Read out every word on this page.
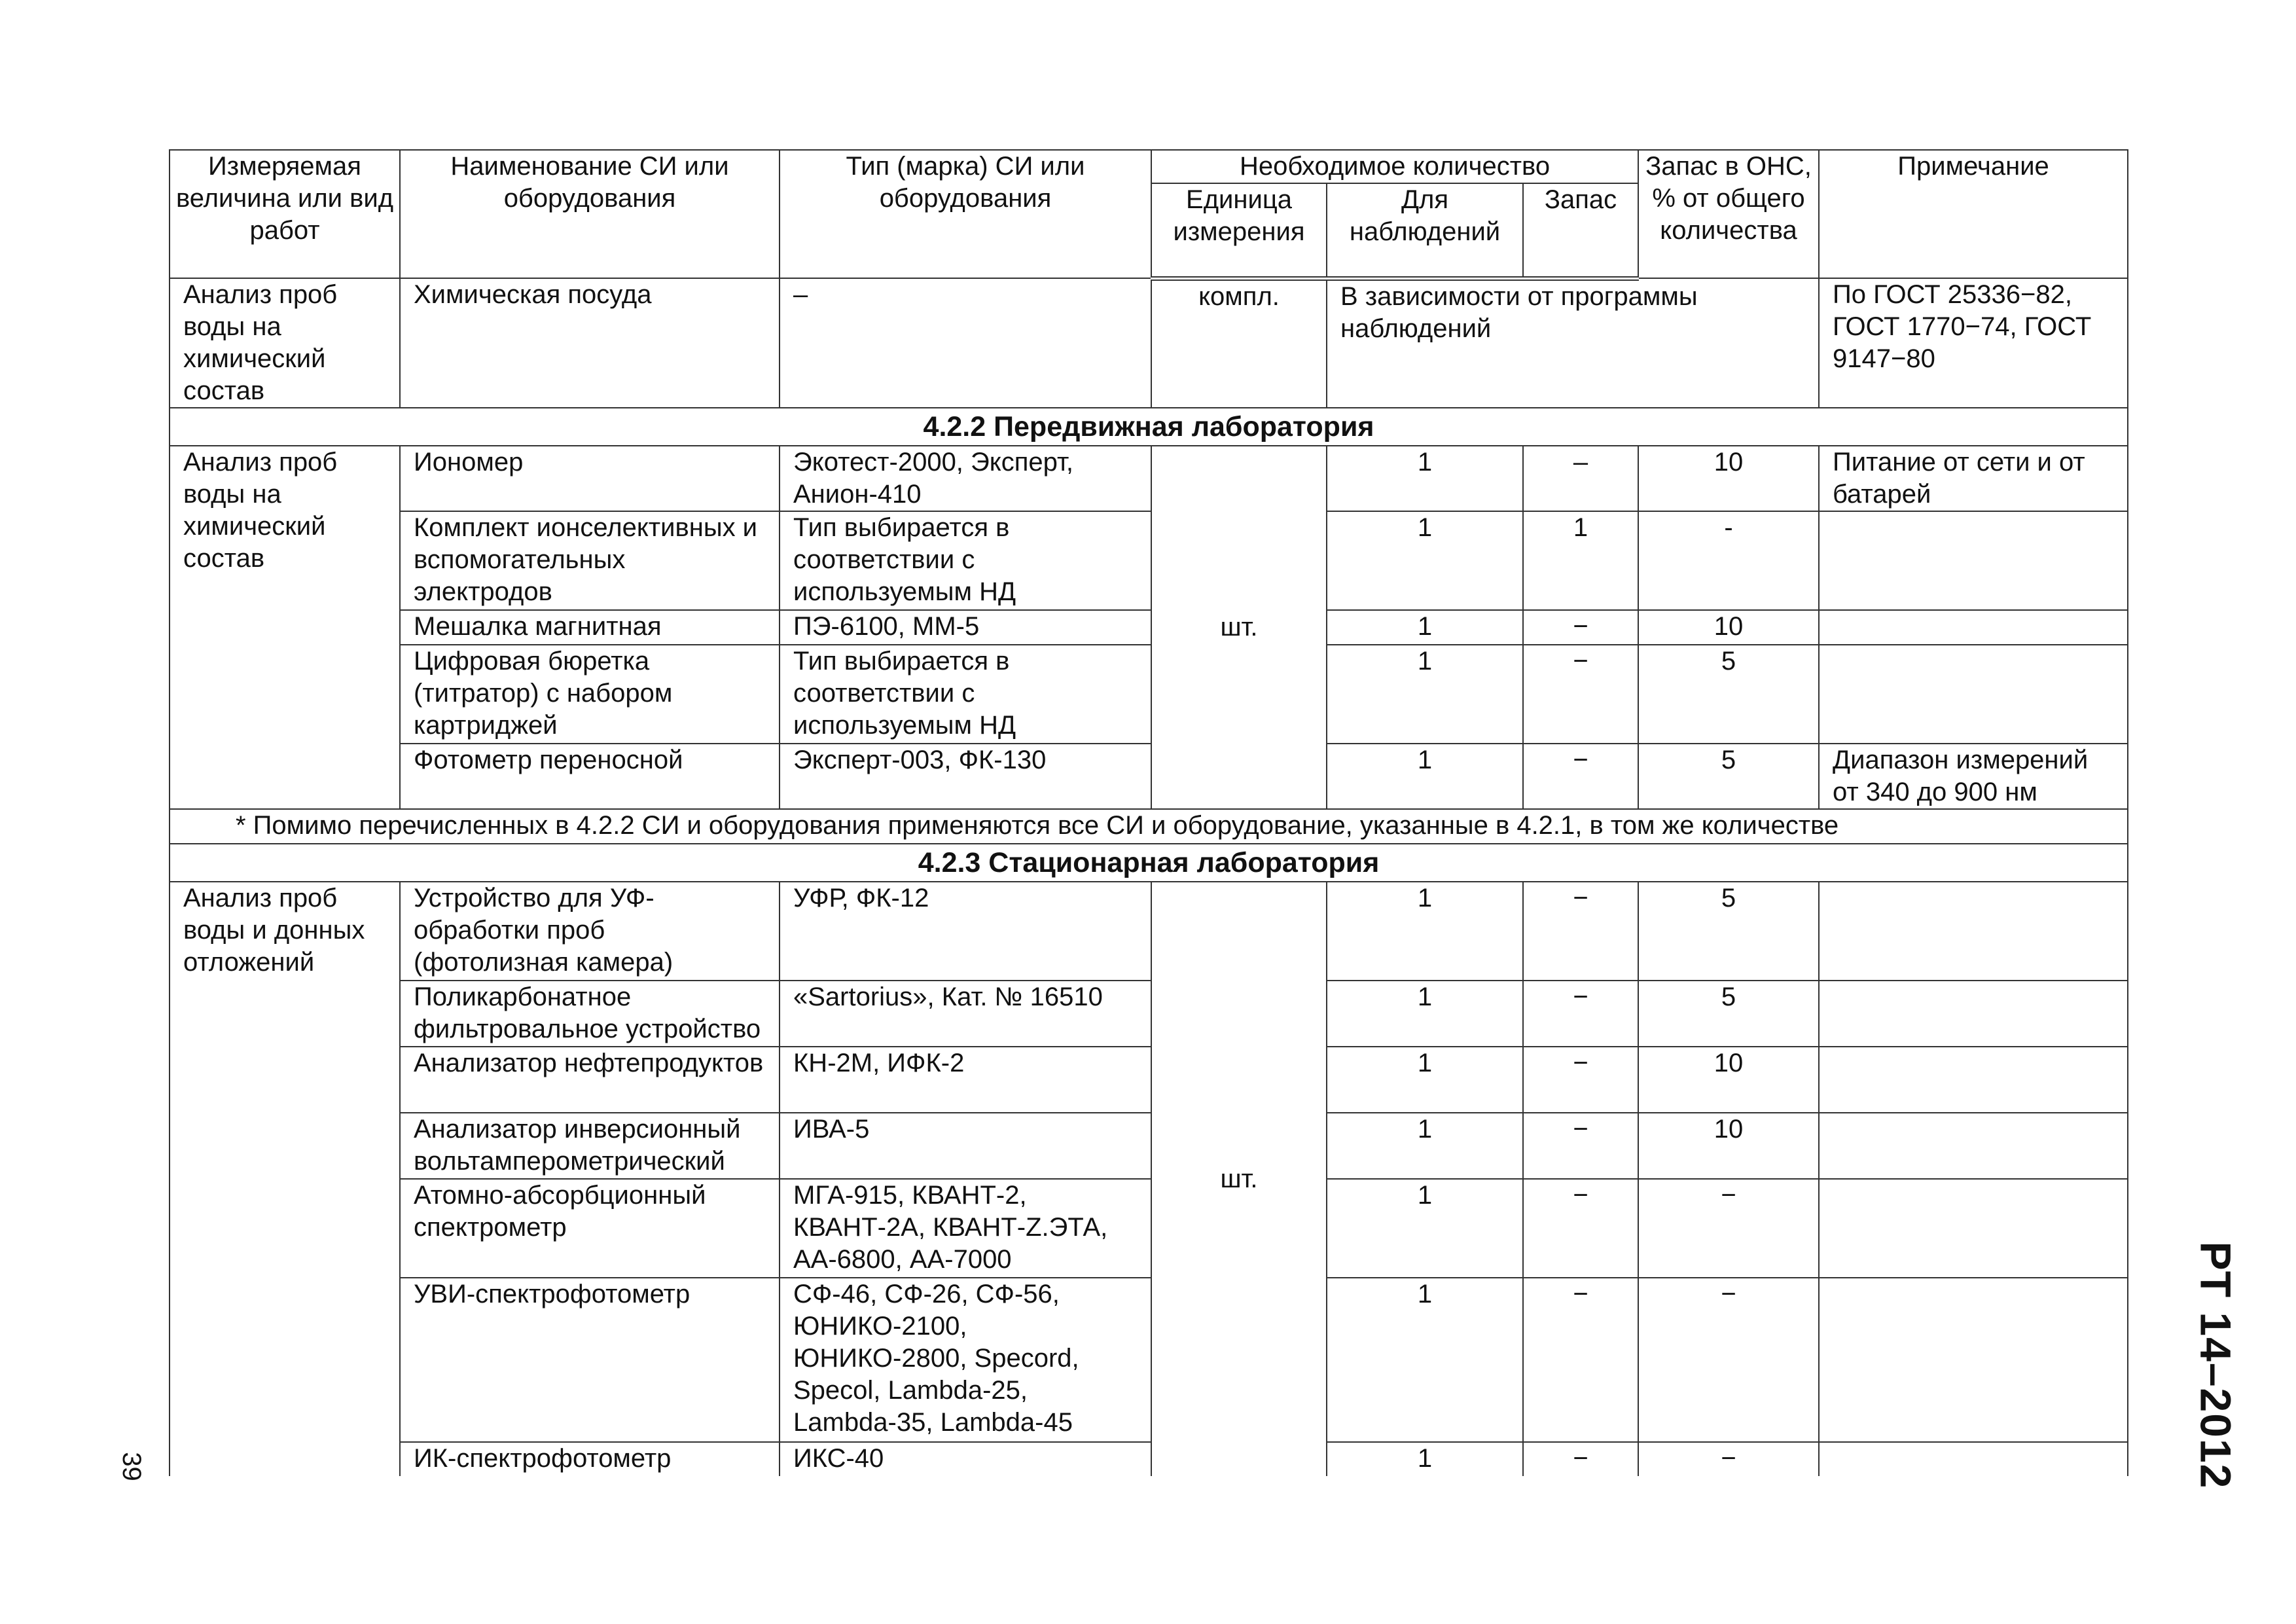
Измеряемая величина или вид работ	Наименование СИ или оборудования	Тип (марка) СИ или оборудования	Необходимое количество			Запас в ОНС, % от общего количества	Примечание
			Единица измерения	Для наблюдений	Запас		
Анализ проб воды на химический состав	Химическая посуда	–	компл.	В зависимости от программы наблюдений			По ГОСТ 25336−82, ГОСТ 1770−74, ГОСТ 9147−80
4.2.2 Передвижная лаборатория							
Анализ проб воды на химический состав	Иономер	Экотест-2000, Эксперт, Анион-410	шт.	1	–	10	Питание от сети и от батарей
	Комплект ионселективных и вспомогательных электродов	Тип выбирается в соответствии с используемым НД		1	1	-	
	Мешалка магнитная	ПЭ-6100, ММ-5		1	−	10	
	Цифровая бюретка (титратор) с набором картриджей	Тип выбирается в соответствии с используемым НД		1	−	5	
	Фотометр переносной	Эксперт-003, ФК-130		1	−	5	Диапазон измерений от 340 до 900 нм
* Помимо перечисленных в 4.2.2 СИ и оборудования применяются все СИ и оборудование, указанные в 4.2.1, в том же количестве							
4.2.3 Стационарная лаборатория							
Анализ проб воды и донных отложений	Устройство для УФ-обработки проб (фотолизная камера)	УФР, ФК-12	шт.	1	−	5	
	Поликарбонатное фильтровальное устройство	«Sartorius», Кат. № 16510		1	−	5	
	Анализатор нефтепродуктов	КН-2М, ИФК-2		1	−	10	
	Анализатор инверсионный вольтамперометрический	ИВА-5		1	−	10	
	Атомно-абсорбционный спектрометр	МГА-915, КВАНТ-2, КВАНТ-2А, КВАНТ-Z.ЭТА, АА-6800, АА-7000		1	−	−	
	УВИ-спектрофотометр	СФ-46, СФ-26, СФ-56, ЮНИКО-2100, ЮНИКО-2800, Specord, Specol, Lambda-25, Lambda-35, Lambda-45		1	−	−	
	ИК-спектрофотометр	ИКС-40		1	−	−	
39	РТ 14–2012
